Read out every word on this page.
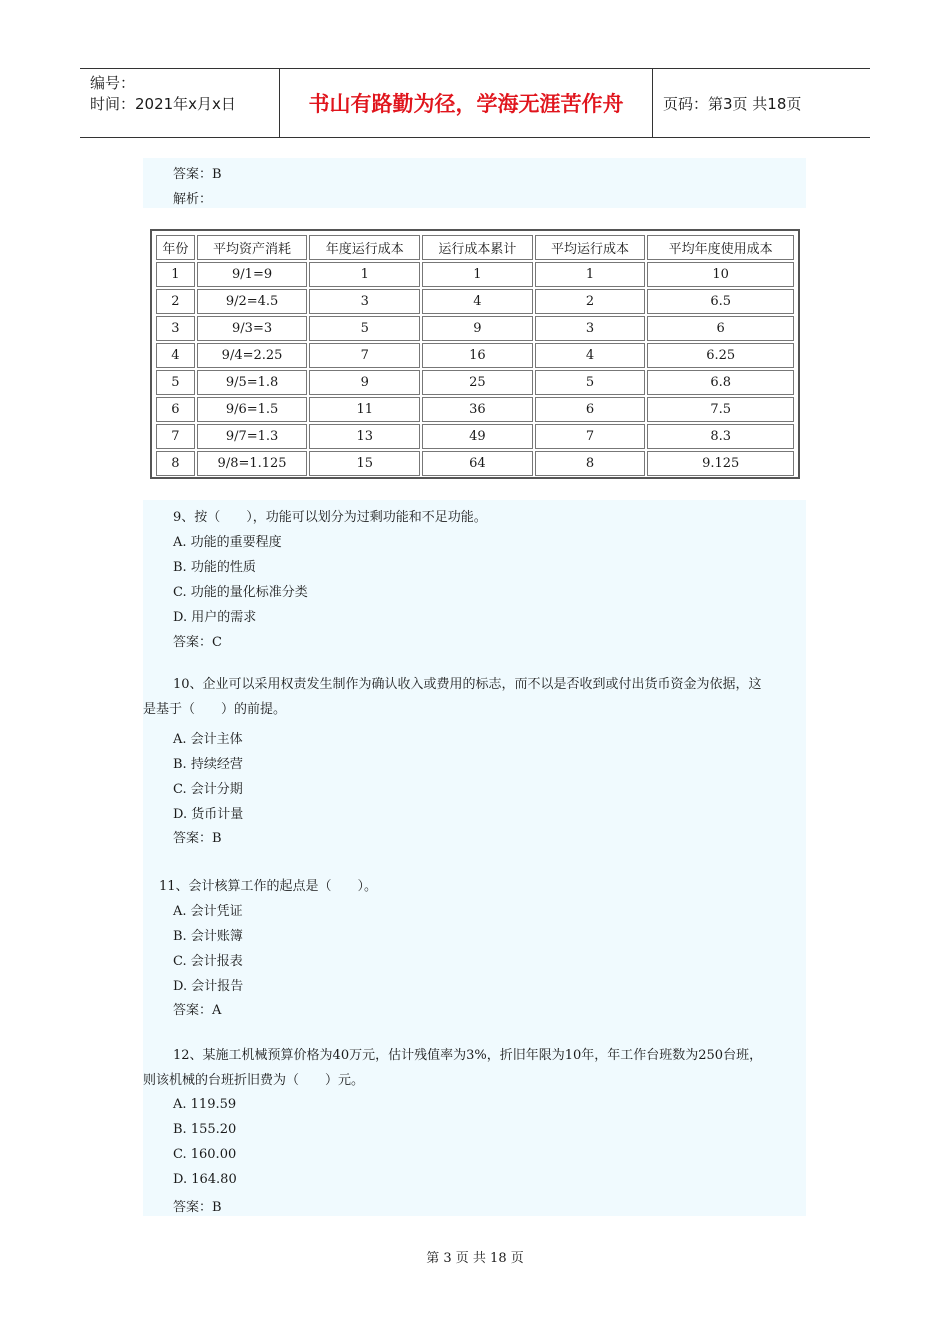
编号：
时间：2021年x月x日	书山有路勤为径，学海无涯苦作舟	页码：第3页 共18页
答案：B
解析：
年份	平均资产消耗	年度运行成本	运行成本累计	平均运行成本	平均年度使用成本
1	9/1=9	1	1	1	10
2	9/2=4.5	3	4	2	6.5
3	9/3=3	5	9	3	6
4	9/4=2.25	7	16	4	6.25
5	9/5=1.8	9	25	5	6.8
6	9/6=1.5	11	36	6	7.5
7	9/7=1.3	13	49	7	8.3
8	9/8=1.125	15	64	8	9.125
9、按（　　），功能可以划分为过剩功能和不足功能。
A. 功能的重要程度
B. 功能的性质
C. 功能的量化标准分类
D. 用户的需求
答案：C
10、企业可以采用权责发生制作为确认收入或费用的标志，而不以是否收到或付出货币资金为依据，这是基于（　　）的前提。
A. 会计主体
B. 持续经营
C. 会计分期
D. 货币计量
答案：B
11、会计核算工作的起点是（　　）。
A. 会计凭证
B. 会计账簿
C. 会计报表
D. 会计报告
答案：A
12、某施工机械预算价格为40万元，估计残值率为3%，折旧年限为10年，年工作台班数为250台班，则该机械的台班折旧费为（　　）元。
A. 119.59
B. 155.20
C. 160.00
D. 164.80
答案：B
第 3 页 共 18 页
